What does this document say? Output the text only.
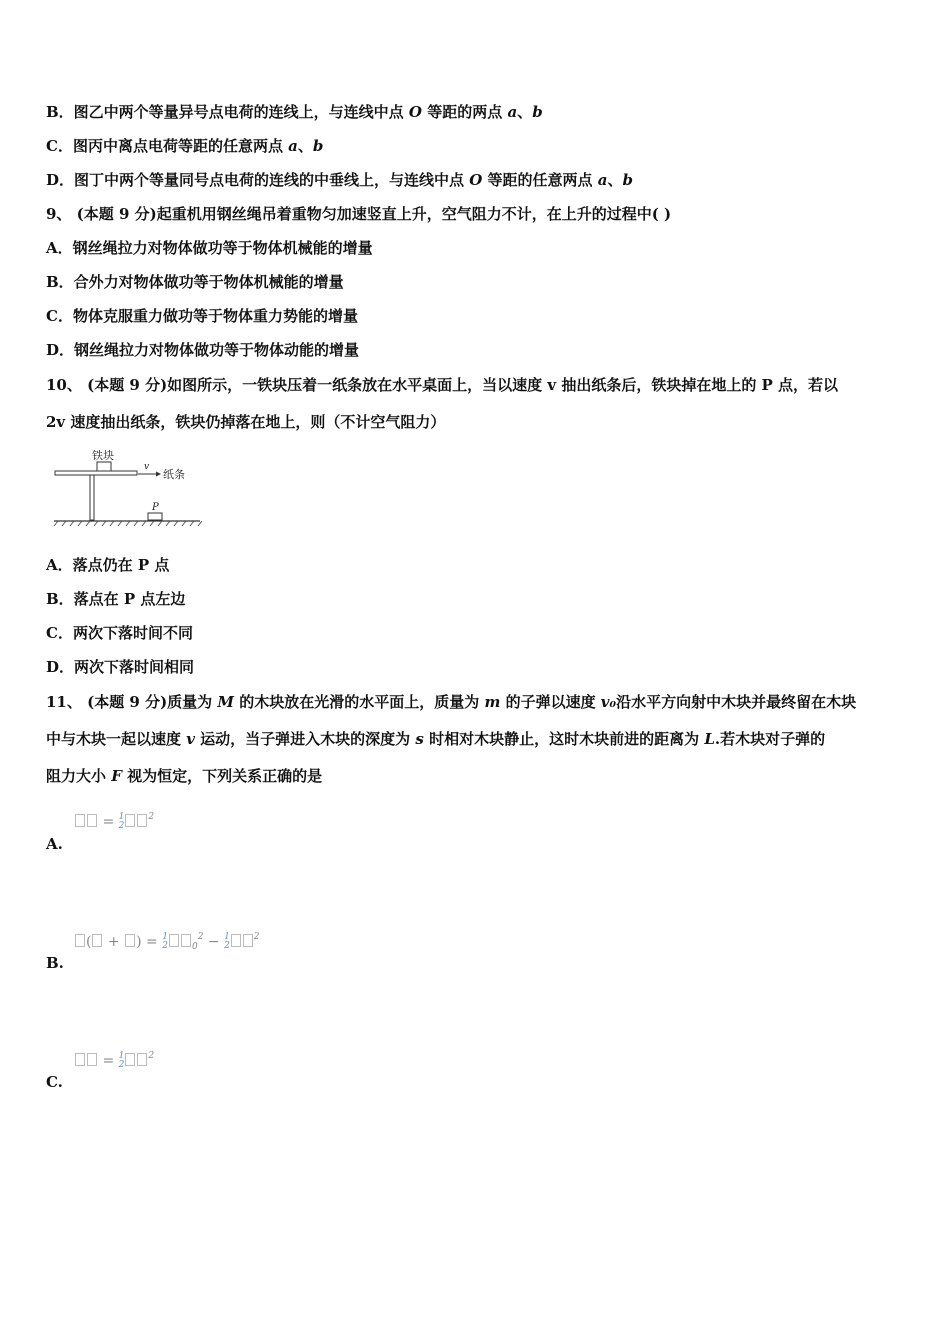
B．图乙中两个等量异号点电荷的连线上，与连线中点 O 等距的两点 a、b
C．图丙中离点电荷等距的任意两点 a、b
D．图丁中两个等量同号点电荷的连线的中垂线上，与连线中点 O 等距的任意两点 a、b
9、 (本题 9 分)起重机用钢丝绳吊着重物匀加速竖直上升，空气阻力不计，在上升的过程中( )
A．钢丝绳拉力对物体做功等于物体机械能的增量
B．合外力对物体做功等于物体机械能的增量
C．物体克服重力做功等于物体重力势能的增量
D．钢丝绳拉力对物体做功等于物体动能的增量
10、 (本题 9 分)如图所示，一铁块压着一纸条放在水平桌面上，当以速度 v 抽出纸条后，铁块掉在地上的 P 点，若以
2v 速度抽出纸条，铁块仍掉落在地上，则（不计空气阻力）
铁块
v
纸条
P
A．落点仍在 P 点
B．落点在 P 点左边
C．两次下落时间不同
D．两次下落时间相同
11、 (本题 9 分)质量为 M 的木块放在光滑的水平面上，质量为 m 的子弹以速度 v₀沿水平方向射中木块并最终留在木块
中与木块一起以速度 v 运动，当子弹进入木块的深度为 s 时相对木块静止，这时木块前进的距离为 L.若木块对子弹的
阻力大小 F 视为恒定，下列关系正确的是
= 1
$2^2$
A.
( + ) = 1
2	$_0^2$ − 1
$2^2$
B.
= 1
$2^2$
C.
